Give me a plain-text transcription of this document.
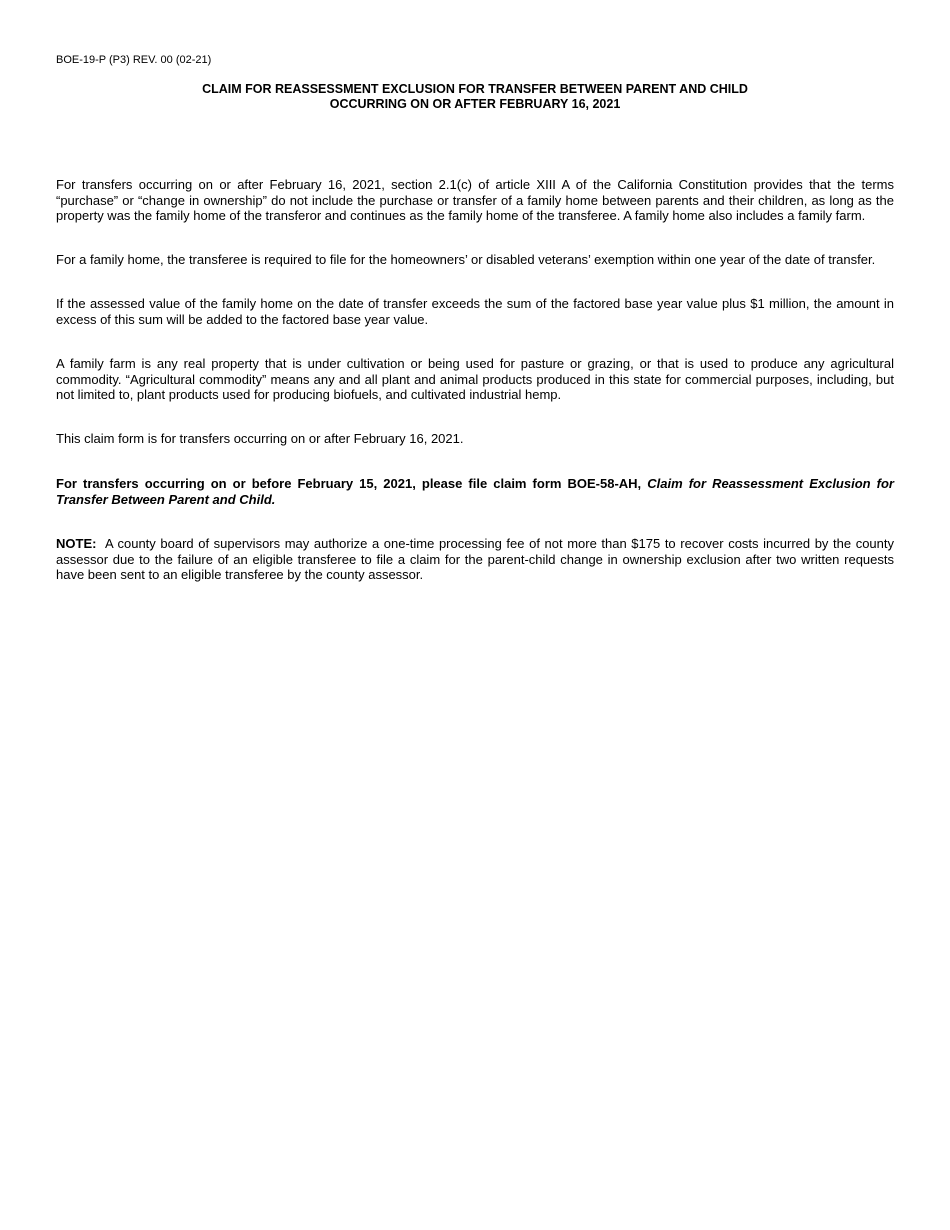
BOE-19-P (P3) REV. 00 (02-21)
CLAIM FOR REASSESSMENT EXCLUSION FOR TRANSFER BETWEEN PARENT AND CHILD
OCCURRING ON OR AFTER FEBRUARY 16, 2021

For transfers occurring on or after February 16, 2021, section 2.1(c) of article XIII A of the California Constitution provides that the terms “purchase” or “change in ownership” do not include the purchase or transfer of a family home between parents and their children, as long as the property was the family home of the transferor and continues as the family home of the transferee. A family home also includes a family farm.

For a family home, the transferee is required to file for the homeowners’ or disabled veterans’ exemption within one year of the date of transfer.

If the assessed value of the family home on the date of transfer exceeds the sum of the factored base year value plus $1 million, the amount in excess of this sum will be added to the factored base year value.

A family farm is any real property that is under cultivation or being used for pasture or grazing, or that is used to produce any agricultural commodity. “Agricultural commodity” means any and all plant and animal products produced in this state for commercial purposes, including, but not limited to, plant products used for producing biofuels, and cultivated industrial hemp.

This claim form is for transfers occurring on or after February 16, 2021.

For transfers occurring on or before February 15, 2021, please file claim form BOE-58-AH, Claim for Reassessment Exclusion for Transfer Between Parent and Child.

NOTE: A county board of supervisors may authorize a one-time processing fee of not more than $175 to recover costs incurred by the county assessor due to the failure of an eligible transferee to file a claim for the parent-child change in ownership exclusion after two written requests have been sent to an eligible transferee by the county assessor.
